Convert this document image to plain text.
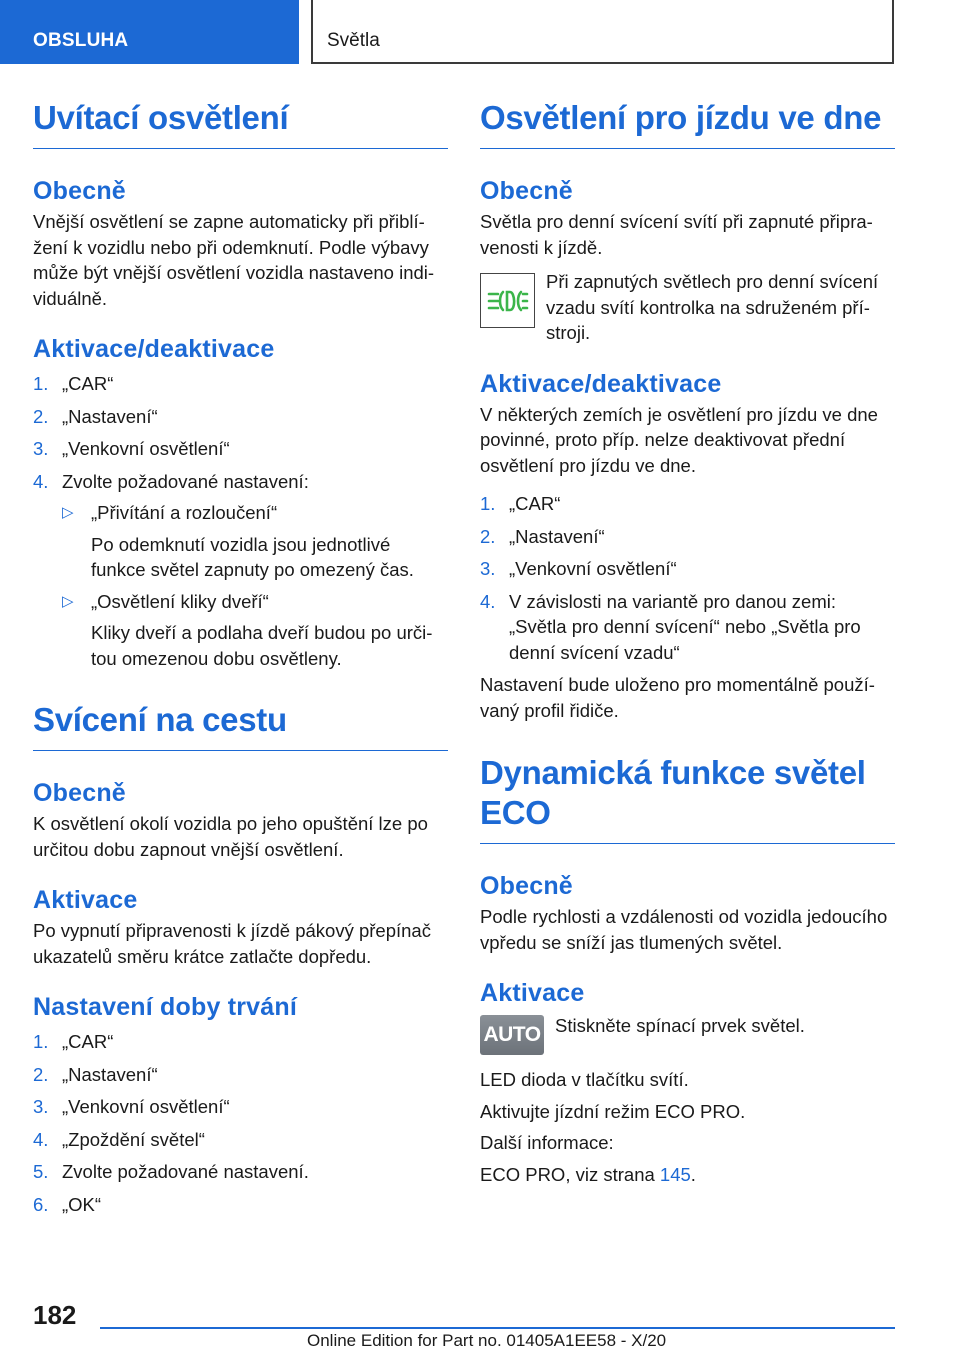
OBSLUHA	Světla
Uvítací osvětlení
Obecně

Vnější osvětlení se zapne automaticky při přiblí‐ žení k vozidlu nebo při odemknutí. Podle výbavy může být vnější osvětlení vozidla nastaveno indi‐ viduálně.

Aktivace/deaktivace
1. „CAR“
2. „Nastavení“
3. „Venkovní osvětlení“
4. Zvolte požadované nastavení:
▷ „Přivítání a rozloučení“
Po odemknutí vozidla jsou jednotlivé funkce světel zapnuty po omezený čas.
▷ „Osvětlení kliky dveří“
Kliky dveří a podlaha dveří budou po urči‐ tou omezenou dobu osvětleny.
Svícení na cestu
Obecně

K osvětlení okolí vozidla po jeho opuštění lze po určitou dobu zapnout vnější osvětlení.

Aktivace

Po vypnutí připravenosti k jízdě pákový přepínač ukazatelů směru krátce zatlačte dopředu.

Nastavení doby trvání
1. „CAR“
2. „Nastavení“
3. „Venkovní osvětlení“
4. „Zpoždění světel“
5. Zvolte požadované nastavení.
6. „OK“
Osvětlení pro jízdu ve dne
Obecně

Světla pro denní svícení svítí při zapnuté připra‐ venosti k jízdě.

Při zapnutých světlech pro denní svícení vzadu svítí kontrolka na sdruženém pří‐ stroji.

Aktivace/deaktivace

V některých zemích je osvětlení pro jízdu ve dne povinné, proto příp. nelze deaktivovat přední osvětlení pro jízdu ve dne.

1. „CAR“
2. „Nastavení“
3. „Venkovní osvětlení“
4. V závislosti na variantě pro danou zemi: „Světla pro denní svícení“ nebo „Světla pro denní svícení vzadu“

Nastavení bude uloženo pro momentálně použí‐ vaný profil řidiče.

Dynamická funkce světel ECO
Obecně

Podle rychlosti a vzdálenosti od vozidla jedoucího vpředu se sníží jas tlumených světel.

Aktivace
AUTO Stiskněte spínací prvek světel.

LED dioda v tlačítku svítí.

Aktivujte jízdní režim ECO PRO.

Další informace:

ECO PRO, viz strana 145.

182
Online Edition for Part no. 01405A1EE58 - X/20
